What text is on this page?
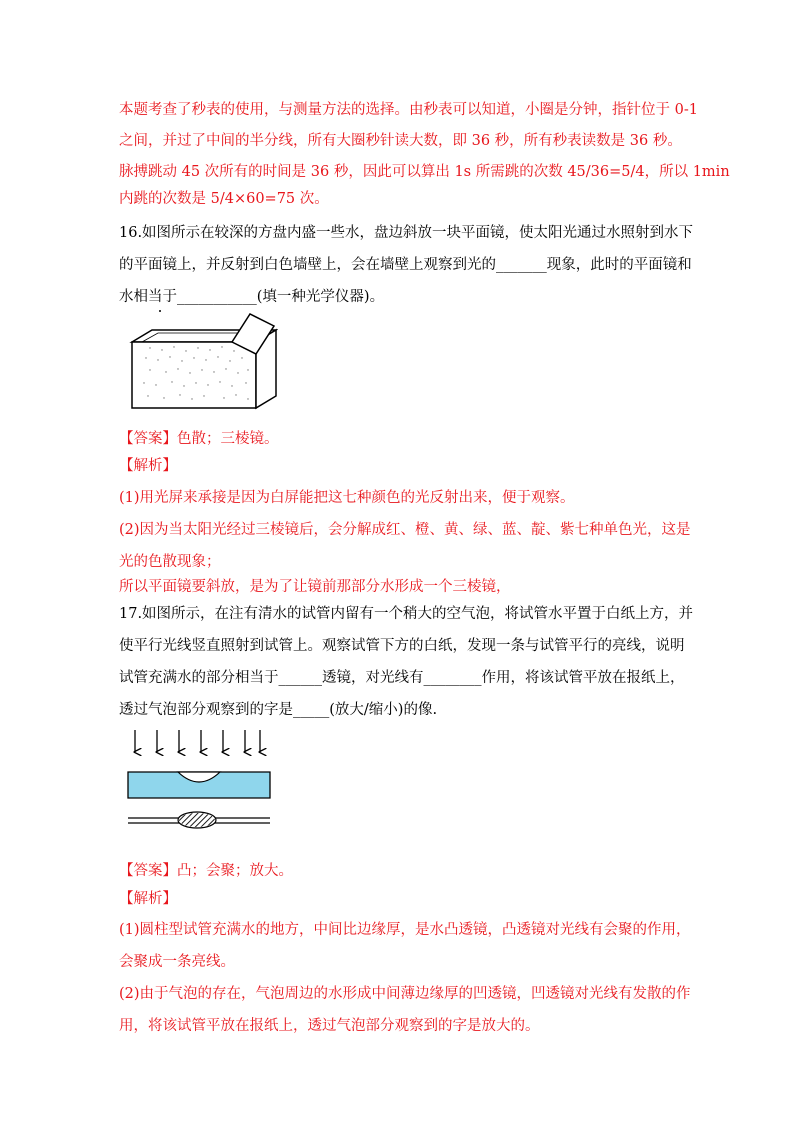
本题考查了秒表的使用，与测量方法的选择。由秒表可以知道，小圈是分钟，指针位于 0-1
之间，并过了中间的半分线，所有大圈秒针读大数，即 36 秒，所有秒表读数是 36 秒。
脉搏跳动 45 次所有的时间是 36 秒，因此可以算出 1s 所需跳的次数 45/36=5/4，所以 1min
内跳的次数是 5/4×60=75 次。
16.如图所示在较深的方盘内盛一些水，盘边斜放一块平面镜，使太阳光通过水照射到水下
的平面镜上，并反射到白色墙壁上，会在墙壁上观察到光的_______现象，此时的平面镜和
水相当于___________(填一种光学仪器)。
【答案】色散；三棱镜。
【解析】
(1)用光屏来承接是因为白屏能把这七种颜色的光反射出来，便于观察。
(2)因为当太阳光经过三棱镜后，会分解成红、橙、黄、绿、蓝、靛、紫七种单色光，这是
光的色散现象；
所以平面镜要斜放，是为了让镜前那部分水形成一个三棱镜，
17.如图所示，在注有清水的试管内留有一个稍大的空气泡，将试管水平置于白纸上方，并
使平行光线竖直照射到试管上。观察试管下方的白纸，发现一条与试管平行的亮线，说明
试管充满水的部分相当于______透镜，对光线有________作用，将该试管平放在报纸上，
透过气泡部分观察到的字是_____(放大/缩小)的像.
【答案】凸；会聚；放大。
【解析】
(1)圆柱型试管充满水的地方，中间比边缘厚，是水凸透镜，凸透镜对光线有会聚的作用，
会聚成一条亮线。
(2)由于气泡的存在，气泡周边的水形成中间薄边缘厚的凹透镜，凹透镜对光线有发散的作
用，将该试管平放在报纸上，透过气泡部分观察到的字是放大的。
